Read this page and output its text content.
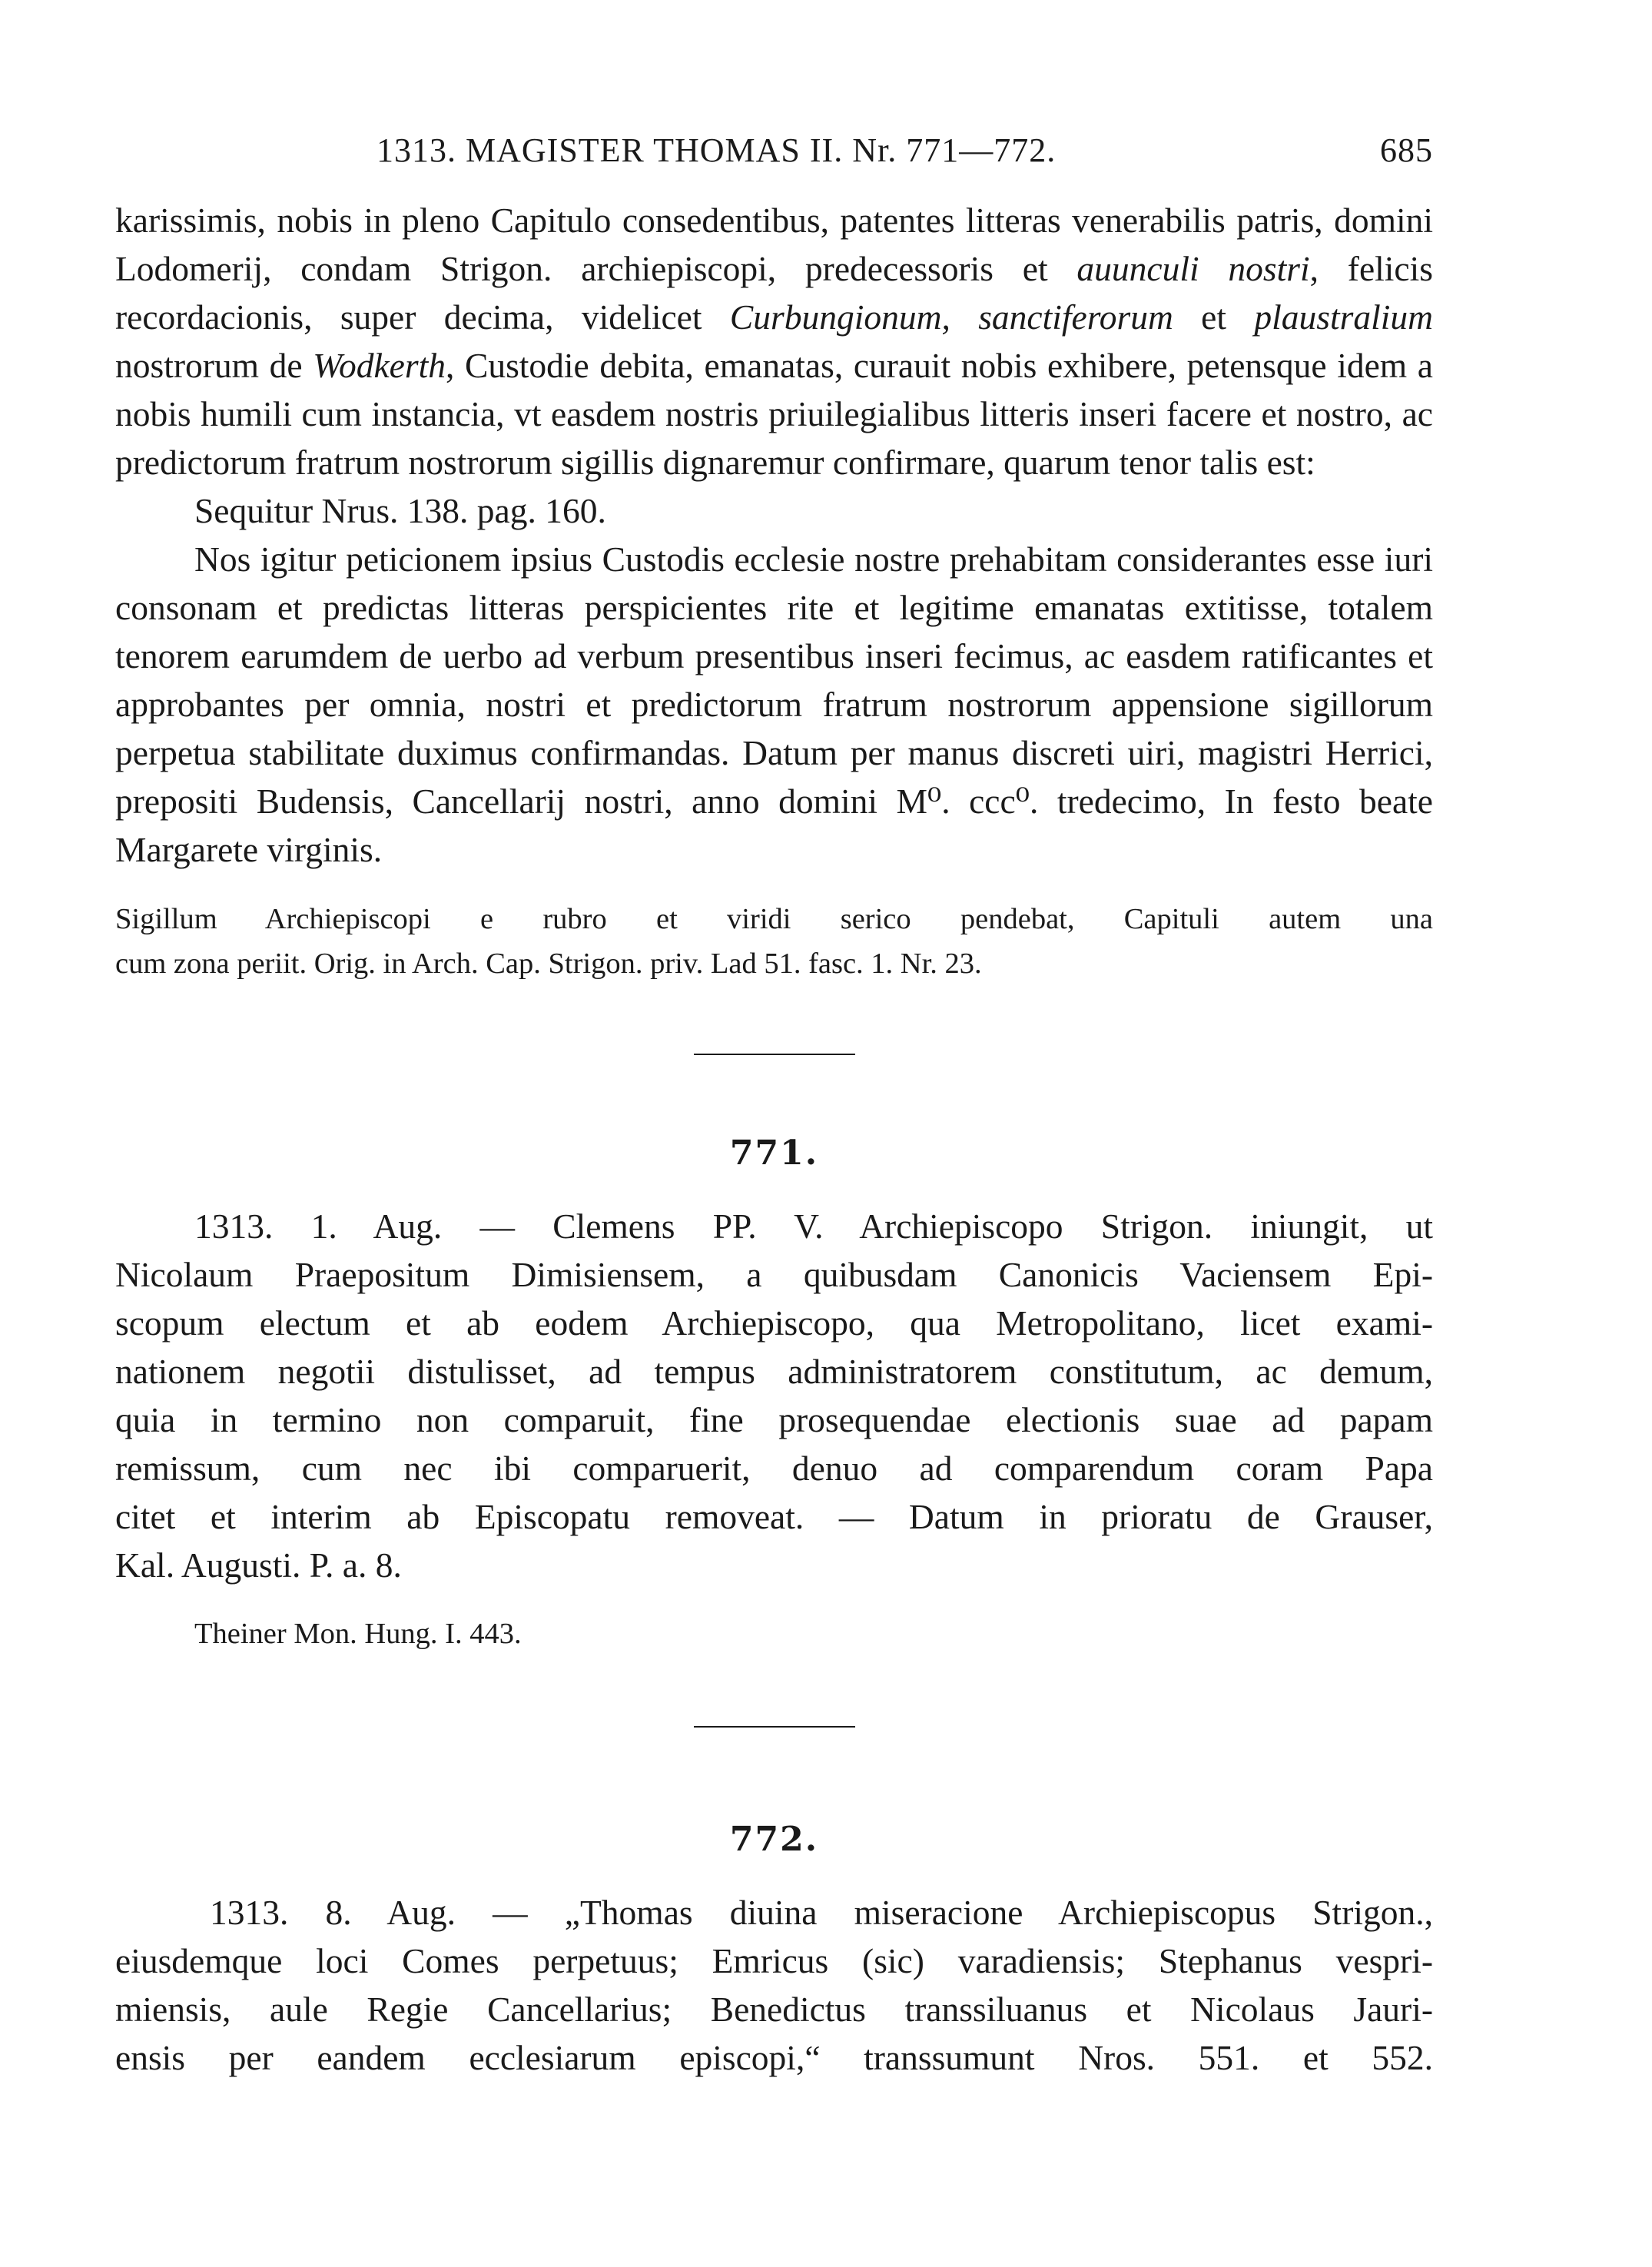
1313. MAGISTER THOMAS II. Nr. 771—772.	685

karissimis, nobis in pleno Capitulo consedentibus, patentes litteras venerabilis patris, domini Lodomerij, condam Strigon. archiepiscopi, predecessoris et auunculi nostri, felicis recordacionis, super decima, videlicet Curbungionum, sanctiferorum et plaustralium nostrorum de Wodkerth, Custodie debita, emanatas, curauit nobis exhibere, petensque idem a nobis humili cum instancia, vt easdem nostris priuilegialibus litteris inseri facere et nostro, ac predictorum fratrum nostrorum sigillis dignaremur confirmare, quarum tenor talis est:

Sequitur Nrus. 138. pag. 160.

Nos igitur peticionem ipsius Custodis ecclesie nostre prehabitam considerantes esse iuri consonam et predictas litteras perspicientes rite et legitime emanatas extitisse, totalem tenorem earumdem de uerbo ad verbum presentibus inseri fecimus, ac easdem ratificantes et approbantes per omnia, nostri et predictorum fratrum nostrorum appensione sigillorum perpetua stabilitate duximus confirmandas. Datum per manus discreti uiri, magistri Herrici, prepositi Budensis, Cancellarij nostri, anno domini M⁰. ccc⁰. tredecimo, In festo beate Margarete virginis.

Sigillum Archiepiscopi e rubro et viridi serico pendebat, Capituli autem una
cum zona periit. Orig. in Arch. Cap. Strigon. priv. Lad 51. fasc. 1. Nr. 23.
771.
1313. 1. Aug. — Clemens PP. V. Archiepiscopo Strigon. iniungit, ut
Nicolaum Praepositum Dimisiensem, a quibusdam Canonicis Vaciensem Epi-
scopum electum et ab eodem Archiepiscopo, qua Metropolitano, licet exami-
nationem negotii distulisset, ad tempus administratorem constitutum, ac demum,
quia in termino non comparuit, fine prosequendae electionis suae ad papam
remissum, cum nec ibi comparuerit, denuo ad comparendum coram Papa
citet et interim ab Episcopatu removeat. — Datum in prioratu de Grauser,
Kal. Augusti. P. a. 8.
Theiner Mon. Hung. I. 443.
772.
1313. 8. Aug. — „Thomas diuina miseracione Archiepiscopus Strigon.,
eiusdemque loci Comes perpetuus; Emricus (sic) varadiensis; Stephanus vespri-
miensis, aule Regie Cancellarius; Benedictus transsiluanus et Nicolaus Jauri-
ensis per eandem ecclesiarum episcopi,“ transsumunt Nros. 551. et 552.
